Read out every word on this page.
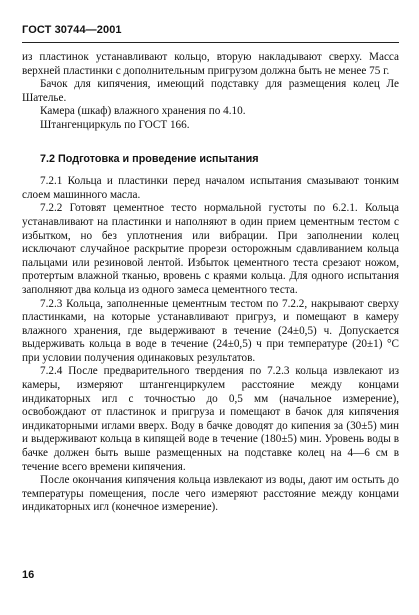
ГОСТ 30744—2001

из пластинок устанавливают кольцо, вторую накладывают сверху. Масса верхней пластинки с дополнительным пригрузом должна быть не менее 75 г.

Бачок для кипячения, имеющий подставку для размещения колец Ле Шателье.

Камера (шкаф) влажного хранения по 4.10.

Штангенциркуль по ГОСТ 166.

7.2 Подготовка и проведение испытания

7.2.1 Кольца и пластинки перед началом испытания смазывают тонким слоем машинного масла.

7.2.2 Готовят цементное тесто нормальной густоты по 6.2.1. Кольца устанавливают на пластинки и наполняют в один прием цементным тестом с избытком, но без уплотнения или вибрации. При заполнении колец исключают случайное раскрытие прорези осторожным сдавливанием кольца пальцами или резиновой лентой. Избыток цементного теста срезают ножом, протертым влажной тканью, вровень с краями кольца. Для одного испытания заполняют два кольца из одного замеса цементного теста.

7.2.3 Кольца, заполненные цементным тестом по 7.2.2, накрывают сверху пластинками, на которые устанавливают пригруз, и помещают в камеру влажного хранения, где выдерживают в течение (24±0,5) ч. Допускается выдерживать кольца в воде в течение (24±0,5) ч при температуре (20±1) °С при условии получения одинаковых результатов.

7.2.4 После предварительного твердения по 7.2.3 кольца извлекают из камеры, измеряют штангенциркулем расстояние между концами индикаторных игл с точностью до 0,5 мм (начальное измерение), освобождают от пластинок и пригруза и помещают в бачок для кипячения индикаторными иглами вверх. Воду в бачке доводят до кипения за (30±5) мин и выдерживают кольца в кипящей воде в течение (180±5) мин. Уровень воды в бачке должен быть выше размещенных на подставке колец на 4—6 см в течение всего времени кипячения.

После окончания кипячения кольца извлекают из воды, дают им остыть до температуры помещения, после чего измеряют расстояние между концами индикаторных игл (конечное измерение).

16
